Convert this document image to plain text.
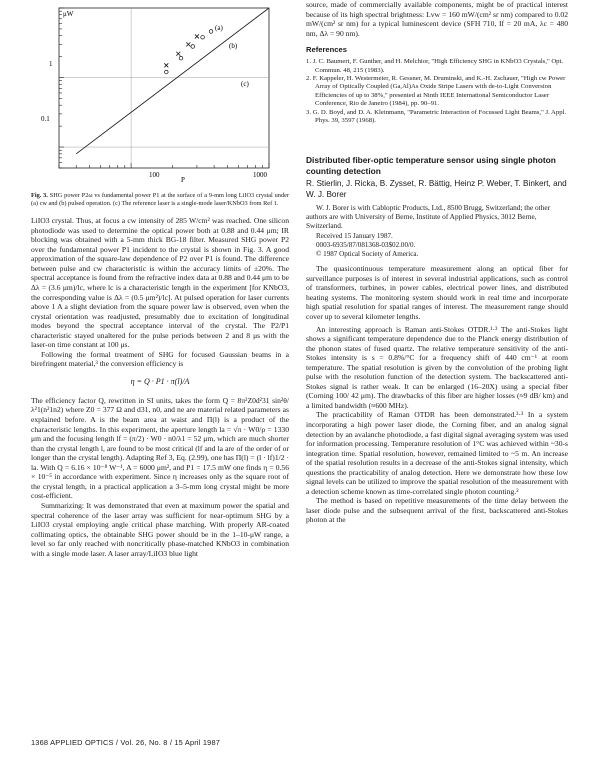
μW
1
0.1
100	1000
P
(a)
(b)
(c)
Fig. 3. SHG power P2ω vs fundamental power P1 at the surface of a 9-mm long LiIO3 crystal under (a) cw and (b) pulsed operation. (c) The reference laser is a single-mode laser/KNbO3 from Ref 1.

LiIO3 crystal. Thus, at focus a cw intensity of 285 W/cm² was reached. One silicon photodiode was used to determine the optical power both at 0.88 and 0.44 μm; IR blocking was obtained with a 5-mm thick BG-18 filter. Measured SHG power P2 over the fundamental power P1 incident to the crystal is shown in Fig. 3. A good approximation of the square-law dependence of P2 over P1 is found. The difference between pulse and cw characteristic is within the accuracy limits of ±20%. The spectral acceptance is found from the refractive index data at 0.88 and 0.44 μm to be Δλ = (3.6 μm)/lc, where lc is a characteristic length in the experiment [for KNbO3, the corresponding value is Δλ = (0.5 μm²)/lc]. At pulsed operation for laser currents above 1 A a slight deviation from the square power law is observed, even when the crystal orientation was readjusted, presumably due to excitation of longitudinal modes beyond the spectral acceptance interval of the crystal. The P2/P1 characteristic stayed unaltered for the pulse periods between 2 and 8 μs with the laser-on time constant at 100 μs.

Following the formal treatment of SHG for focused Gaussian beams in a birefringent material,³ the conversion efficiency is

η = Q · P1 · π(l)/A

The efficiency factor Q, rewritten in SI units, takes the form Q = 8π²Z0d²31 sin²θ/λ²1(n²1n2) where Z0 = 377 Ω and d31, n0, and ne are material related parameters as explained before. A is the beam area at waist and Π(l) is a product of the characteristic lengths. In this experiment, the aperture length la = √π · W0/ρ = 1330 μm and the focusing length lf = (π/2) · W0 · n0/λ1 = 52 μm, which are much shorter than the crystal length l, are found to be most critical (lf and la are of the order of or longer than the crystal length). Adapting Ref 3, Eq. (2.99), one has Π(l) = (l · lf)1/2 · la. With Q = 6.16 × 10⁻⁸ W⁻¹, A = 6000 μm², and P1 = 17.5 mW one finds η = 0.56 × 10⁻⁵ in accordance with experiment. Since η increases only as the square root of the crystal length, in a practical application a 3–5-mm long crystal might be more cost-efficient.

Summarizing: It was demonstrated that even at maximum power the spatial and spectral coherence of the laser array was sufficient for near-optimum SHG by a LiIO3 crystal employing angle critical phase matching. With properly AR-coated collimating optics, the obtainable SHG power should be in the 1–10-μW range, a level so far only reached with noncritically phase-matched KNbO3 in combination with a single mode laser. A laser array/LiIO3 blue light

source, made of commercially available components, might be of practical interest because of its high spectral brightness: Lvw = 160 mW/(cm² sr nm) compared to 0.02 mW/(cm² sr nm) for a typical luminescent device (SFH 710, If = 20 mA, λc = 480 nm, Δλ = 90 nm).

References
1. J. C. Baumert, F. Gunther, and H. Melchior, "High Efficiency SHG in KNbO3 Crystals," Opt. Commun. 48, 215 (1983).
2. F. Kappeler, H. Westermeier, R. Gessner, M. Druminski, and K.-H. Zschauer, "High cw Power Array of Optically Coupled (Ga,Al)As Oxide Stripe Lasers with de-to-Light Conversion Efficiencies of up to 38%," presented at Ninth IEEE International Semiconductor Laser Conference, Rio de Janeiro (1984), pp. 90–91.
3. G. D. Boyd, and D. A. Kleinmann, "Parametric Interaction of Focussed Light Beams," J. Appl. Phys. 39, 3597 (1968).
Distributed fiber-optic temperature sensor using single photon counting detection
R. Stierlin, J. Ricka, B. Zysset, R. Bättig, Heinz P. Weber, T. Binkert, and W. J. Borer
W. J. Borer is with Cabloptic Products, Ltd., 8500 Brugg, Switzerland; the other authors are with University of Berne, Institute of Applied Physics, 3012 Berne, Switzerland.
Received 15 January 1987.
0003-6935/87/081368-03$02.00/0.
© 1987 Optical Society of America.

The quasicontinuous temperature measurement along an optical fiber for surveillance purposes is of interest in several industrial applications, such as control of transformers, turbines, in power cables, electrical power lines, and distributed heating systems. The monitoring system should work in real time and incorporate high spatial resolution for spatial ranges of interest. The measurement range should cover up to several kilometer lengths.

An interesting approach is Raman anti-Stokes OTDR.¹·³ The anti-Stokes light shows a significant temperature dependence due to the Planck energy distribution of the phonon states of fused quartz. The relative temperature sensitivity of the anti-Stokes intensity is s = 0.8%/°C for a frequency shift of 440 cm⁻¹ at room temperature. The spatial resolution is given by the convolution of the probing light pulse with the resolution function of the detection system. The backscattered anti-Stokes signal is rather weak. It can be enlarged (16–20X) using a special fiber (Corning 100/ 42 μm). The drawbacks of this fiber are higher losses (≈9 dB/ km) and a limited bandwidth (≈600 MHz).

The practicability of Raman OTDR has been demonstrated.³·³ In a system incorporating a high power laser diode, the Corning fiber, and an analog signal detection by an avalanche photodiode, a fast digital signal averaging system was used for information processing. Temperature resolution of 1°C was achieved within ~30-s integration time. Spatial resolution, however, remained limited to ~5 m. An increase of the spatial resolution results in a decrease of the anti-Stokes signal intensity, which questions the practicability of analog detection. Here we demonstrate how these low signal levels can be utilized to improve the spatial resolution of the measurement with a detection scheme known as time-correlated single photon counting.²

The method is based on repetitive measurements of the time delay between the laser diode pulse and the subsequent arrival of the first, backscattered anti-Stokes photon at the

1368 APPLIED OPTICS / Vol. 26, No. 8 / 15 April 1987
